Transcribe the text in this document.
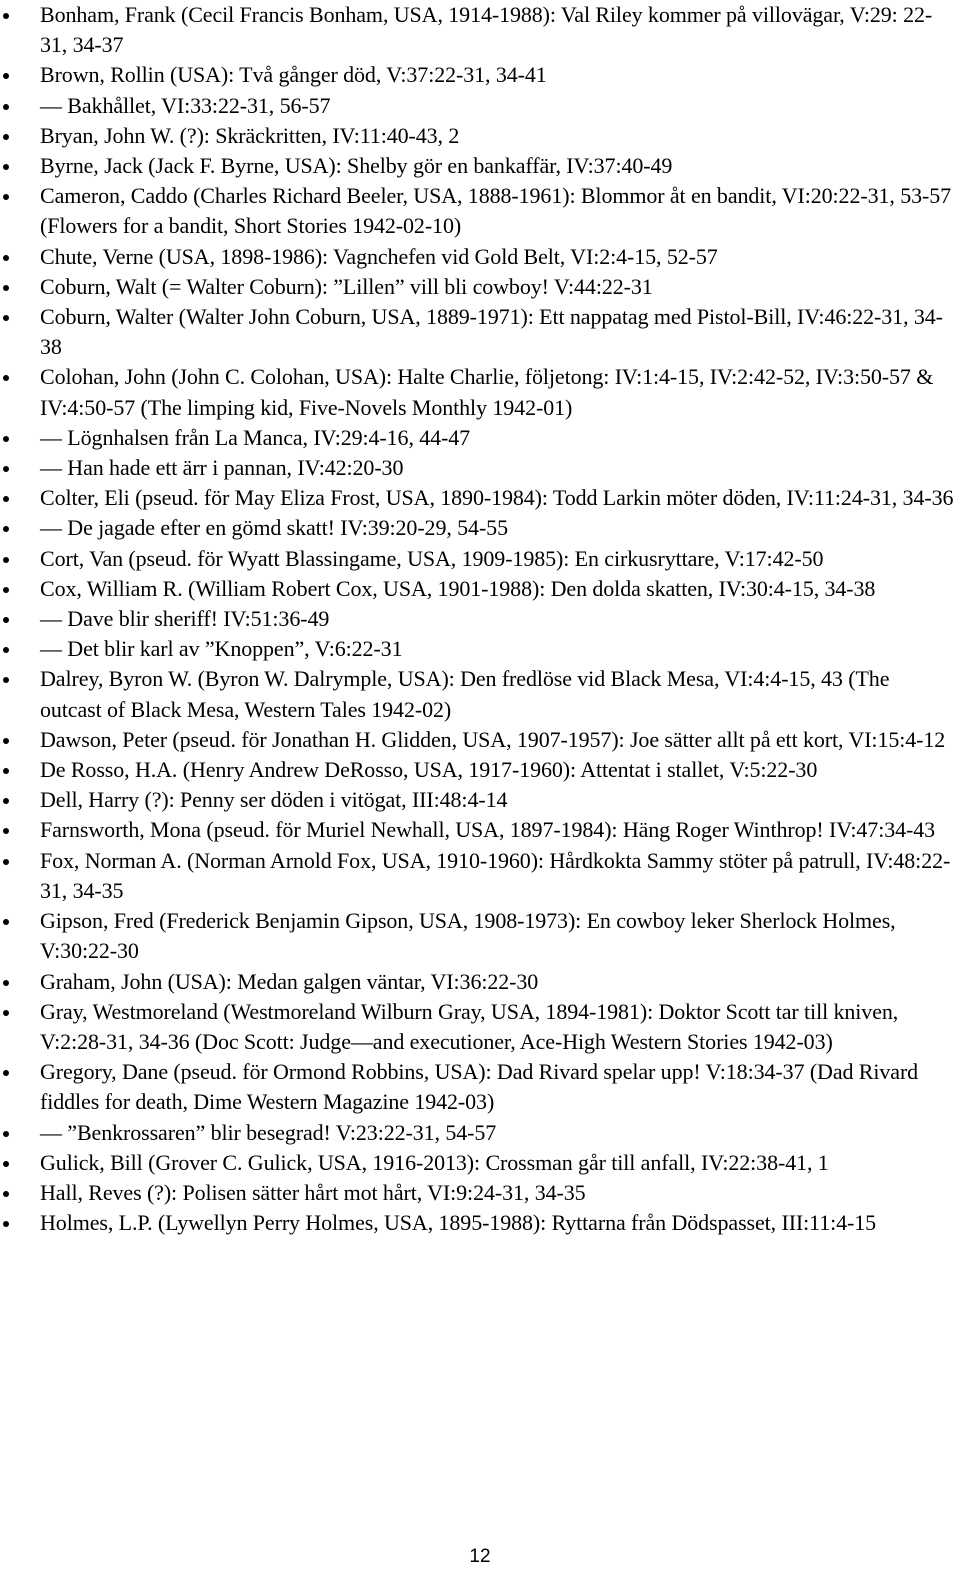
Bonham, Frank (Cecil Francis Bonham, USA, 1914-1988): Val Riley kommer på villovägar, V:29: 22-31, 34-37
Brown, Rollin (USA): Två gånger död, V:37:22-31, 34-41
— Bakhållet, VI:33:22-31, 56-57
Bryan, John W. (?): Skräckritten, IV:11:40-43, 2
Byrne, Jack (Jack F. Byrne, USA): Shelby gör en bankaffär, IV:37:40-49
Cameron, Caddo (Charles Richard Beeler, USA, 1888-1961): Blommor åt en bandit, VI:20:22-31, 53-57 (Flowers for a bandit, Short Stories 1942-02-10)
Chute, Verne (USA, 1898-1986): Vagnchefen vid Gold Belt, VI:2:4-15, 52-57
Coburn, Walt (= Walter Coburn): ”Lillen” vill bli cowboy! V:44:22-31
Coburn, Walter (Walter John Coburn, USA, 1889-1971): Ett nappatag med Pistol-Bill, IV:46:22-31, 34-38
Colohan, John (John C. Colohan, USA): Halte Charlie, följetong: IV:1:4-15, IV:2:42-52, IV:3:50-57 & IV:4:50-57 (The limping kid, Five-Novels Monthly 1942-01)
— Lögnhalsen från La Manca, IV:29:4-16, 44-47
— Han hade ett ärr i pannan, IV:42:20-30
Colter, Eli (pseud. för May Eliza Frost, USA, 1890-1984): Todd Larkin möter döden, IV:11:24-31, 34-36
— De jagade efter en gömd skatt! IV:39:20-29, 54-55
Cort, Van (pseud. för Wyatt Blassingame, USA, 1909-1985): En cirkusryttare, V:17:42-50
Cox, William R. (William Robert Cox, USA, 1901-1988): Den dolda skatten, IV:30:4-15, 34-38
— Dave blir sheriff! IV:51:36-49
— Det blir karl av ”Knoppen”, V:6:22-31
Dalrey, Byron W. (Byron W. Dalrymple, USA): Den fredlöse vid Black Mesa, VI:4:4-15, 43 (The outcast of Black Mesa, Western Tales 1942-02)
Dawson, Peter (pseud. för Jonathan H. Glidden, USA, 1907-1957): Joe sätter allt på ett kort, VI:15:4-12
De Rosso, H.A. (Henry Andrew DeRosso, USA, 1917-1960): Attentat i stallet, V:5:22-30
Dell, Harry (?): Penny ser döden i vitögat, III:48:4-14
Farnsworth, Mona (pseud. för Muriel Newhall, USA, 1897-1984): Häng Roger Winthrop! IV:47:34-43
Fox, Norman A. (Norman Arnold Fox, USA, 1910-1960): Hårdkokta Sammy stöter på patrull, IV:48:22-31, 34-35
Gipson, Fred (Frederick Benjamin Gipson, USA, 1908-1973): En cowboy leker Sherlock Holmes, V:30:22-30
Graham, John (USA): Medan galgen väntar, VI:36:22-30
Gray, Westmoreland (Westmoreland Wilburn Gray, USA, 1894-1981): Doktor Scott tar till kniven, V:2:28-31, 34-36 (Doc Scott: Judge—and executioner, Ace-High Western Stories 1942-03)
Gregory, Dane (pseud. för Ormond Robbins, USA): Dad Rivard spelar upp! V:18:34-37 (Dad Rivard fiddles for death, Dime Western Magazine 1942-03)
— ”Benkrossaren” blir besegrad! V:23:22-31, 54-57
Gulick, Bill (Grover C. Gulick, USA, 1916-2013): Crossman går till anfall, IV:22:38-41, 1
Hall, Reves (?): Polisen sätter hårt mot hårt, VI:9:24-31, 34-35
Holmes, L.P. (Lywellyn Perry Holmes, USA, 1895-1988): Ryttarna från Dödspasset, III:11:4-15
12
